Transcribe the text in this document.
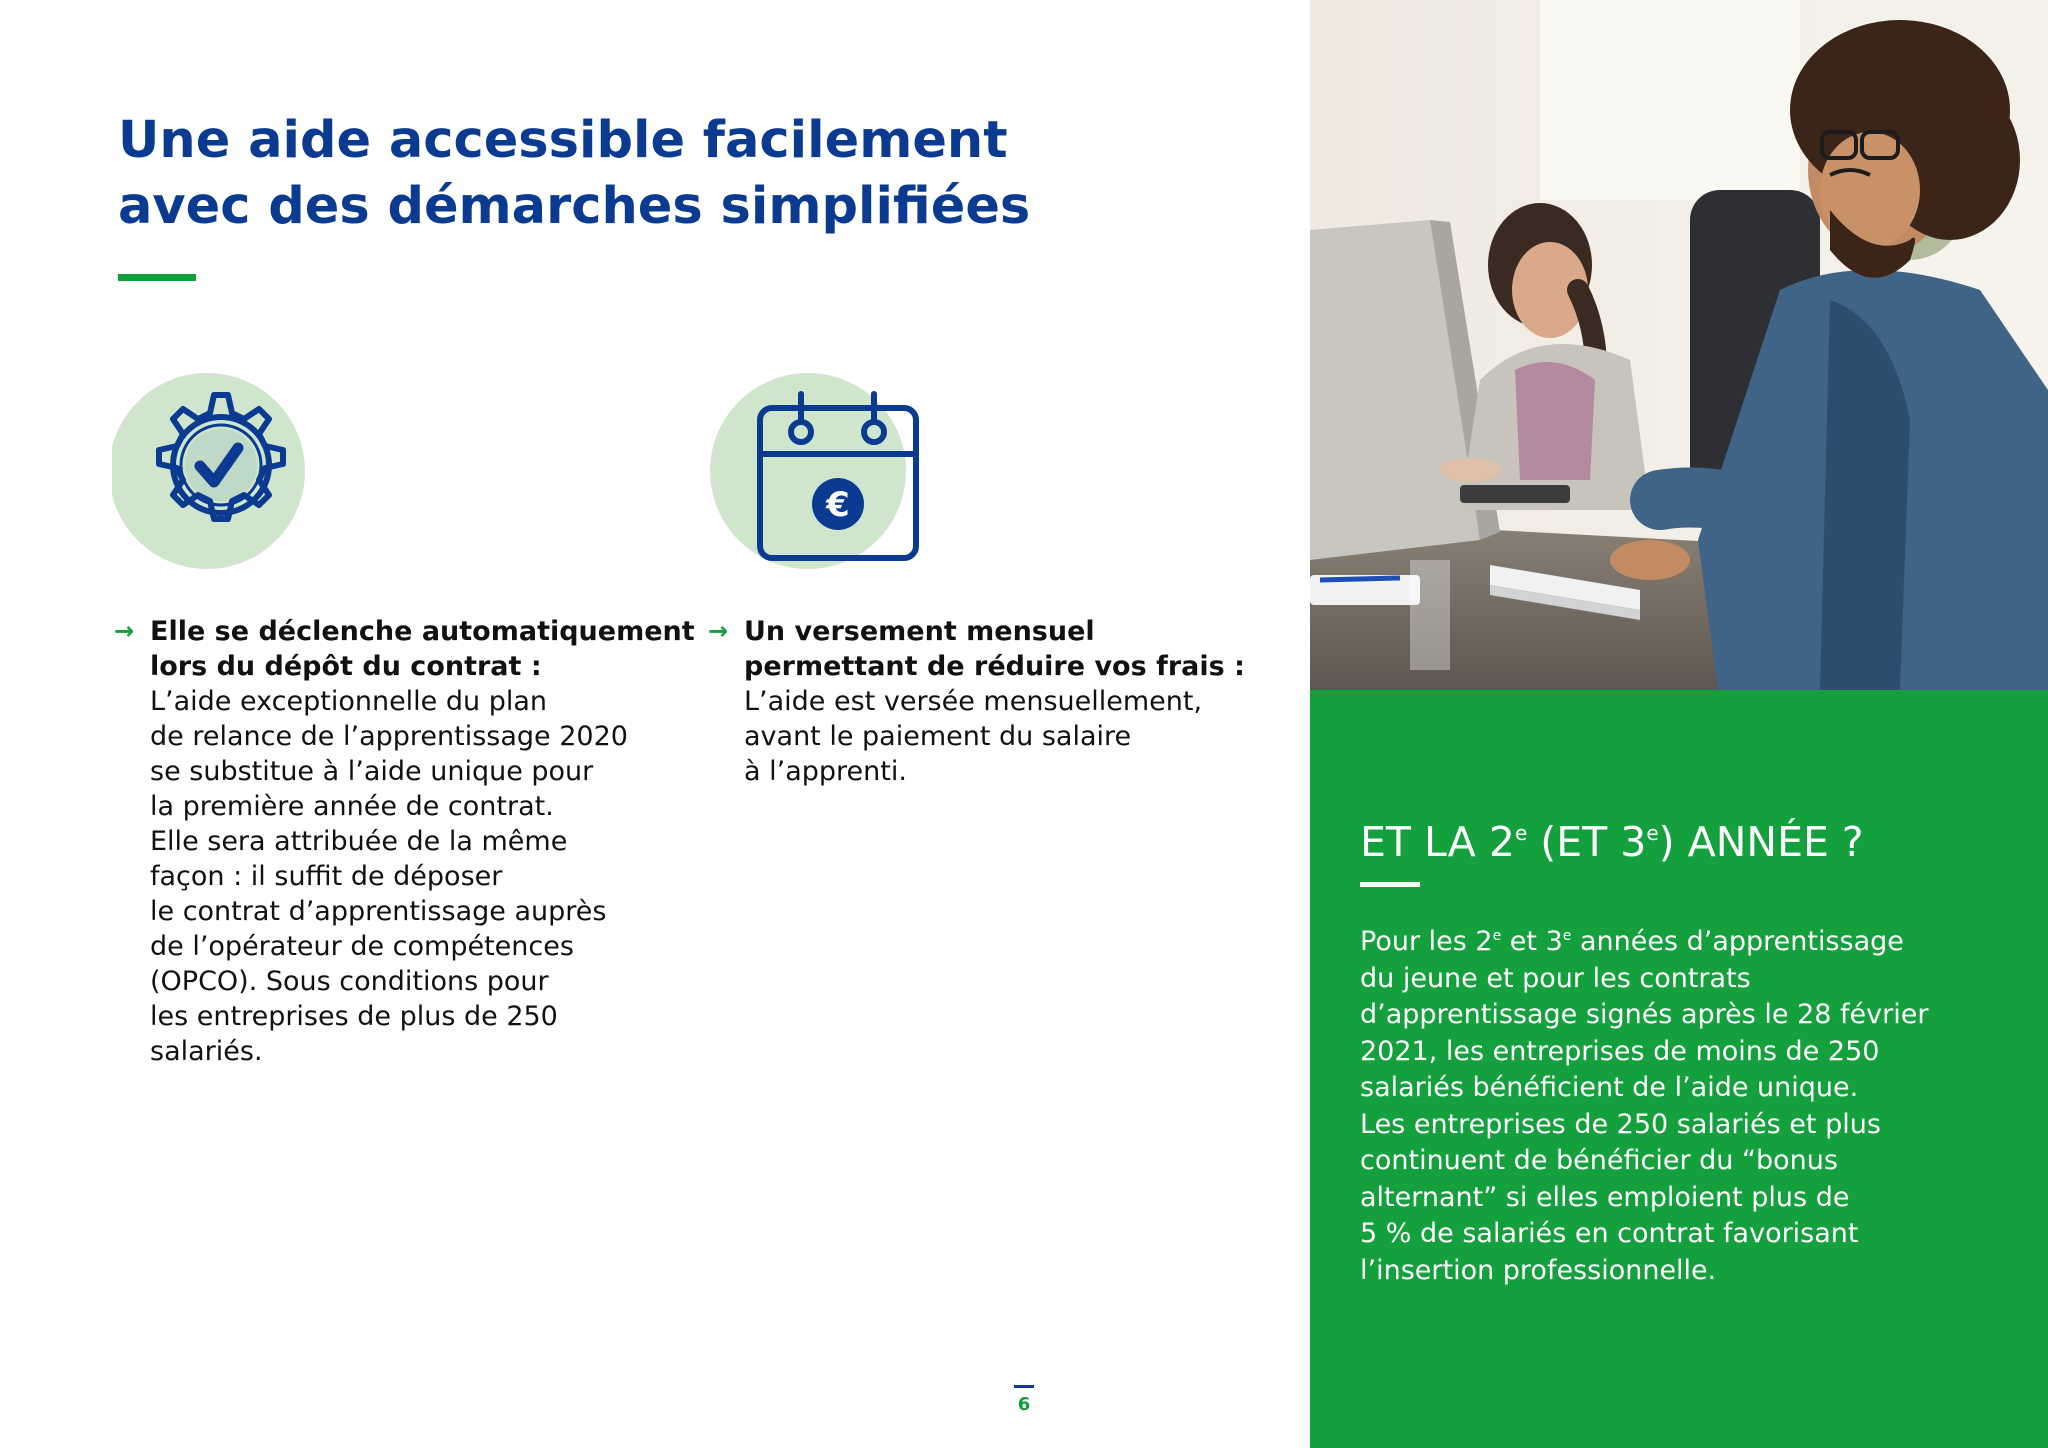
Une aide accessible facilement
avec des démarches simplifiées
€
→ Elle se déclenche automatiquement
lors du dépôt du contrat :
L’aide exceptionnelle du plan
de relance de l’apprentissage 2020
se substitue à l’aide unique pour
la première année de contrat.
Elle sera attribuée de la même
façon : il suffit de déposer
le contrat d’apprentissage auprès
de l’opérateur de compétences
(OPCO). Sous conditions pour
les entreprises de plus de 250
salariés.
→ Un versement mensuel
permettant de réduire vos frais :
L’aide est versée mensuellement,
avant le paiement du salaire
à l’apprenti.
6
ET LA 2e (ET 3e) ANNÉE ?
Pour les 2e et 3e années d’apprentissage
du jeune et pour les contrats
d’apprentissage signés après le 28 février
2021, les entreprises de moins de 250
salariés bénéficient de l’aide unique.
Les entreprises de 250 salariés et plus
continuent de bénéficier du “bonus
alternant” si elles emploient plus de
5 % de salariés en contrat favorisant
l’insertion professionnelle.
